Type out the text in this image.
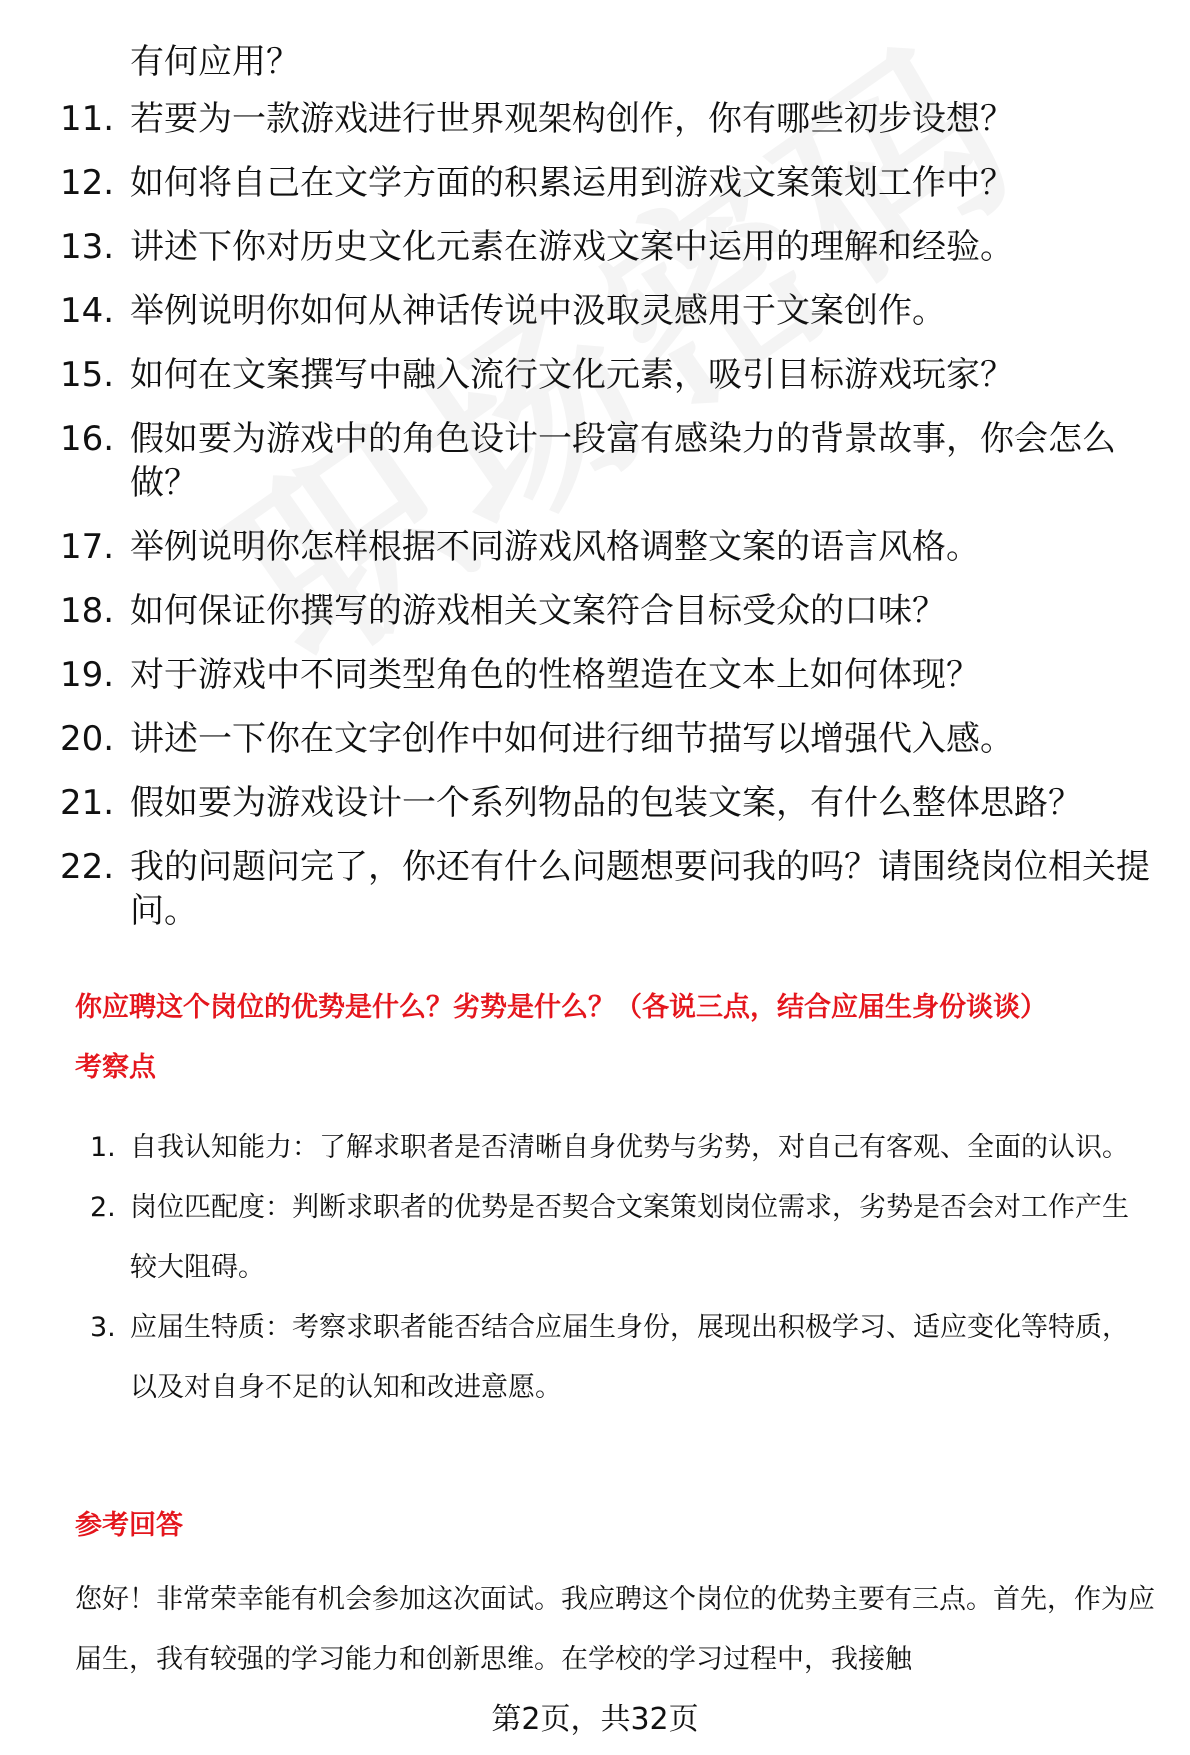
有何应用？
11. 若要为一款游戏进行世界观架构创作，你有哪些初步设想？
12. 如何将自己在文学方面的积累运用到游戏文案策划工作中？
13. 讲述下你对历史文化元素在游戏文案中运用的理解和经验。
14. 举例说明你如何从神话传说中汲取灵感用于文案创作。
15. 如何在文案撰写中融入流行文化元素，吸引目标游戏玩家？
16. 假如要为游戏中的角色设计一段富有感染力的背景故事，你会怎么做？
17. 举例说明你怎样根据不同游戏风格调整文案的语言风格。
18. 如何保证你撰写的游戏相关文案符合目标受众的口味？
19. 对于游戏中不同类型角色的性格塑造在文本上如何体现？
20. 讲述一下你在文字创作中如何进行细节描写以增强代入感。
21. 假如要为游戏设计一个系列物品的包装文案，有什么整体思路？
22. 我的问题问完了，你还有什么问题想要问我的吗？请围绕岗位相关提问。
你应聘这个岗位的优势是什么？劣势是什么？（各说三点，结合应届生身份谈谈）
考察点
1. 自我认知能力：了解求职者是否清晰自身优势与劣势，对自己有客观、全面的认识。
2. 岗位匹配度：判断求职者的优势是否契合文案策划岗位需求，劣势是否会对工作产生较大阻碍。
3. 应届生特质：考察求职者能否结合应届生身份，展现出积极学习、适应变化等特质，以及对自身不足的认知和改进意愿。
参考回答
您好！非常荣幸能有机会参加这次面试。我应聘这个岗位的优势主要有三点。首先，作为应届生，我有较强的学习能力和创新思维。在学校的学习过程中，我接触
第2页，共32页
